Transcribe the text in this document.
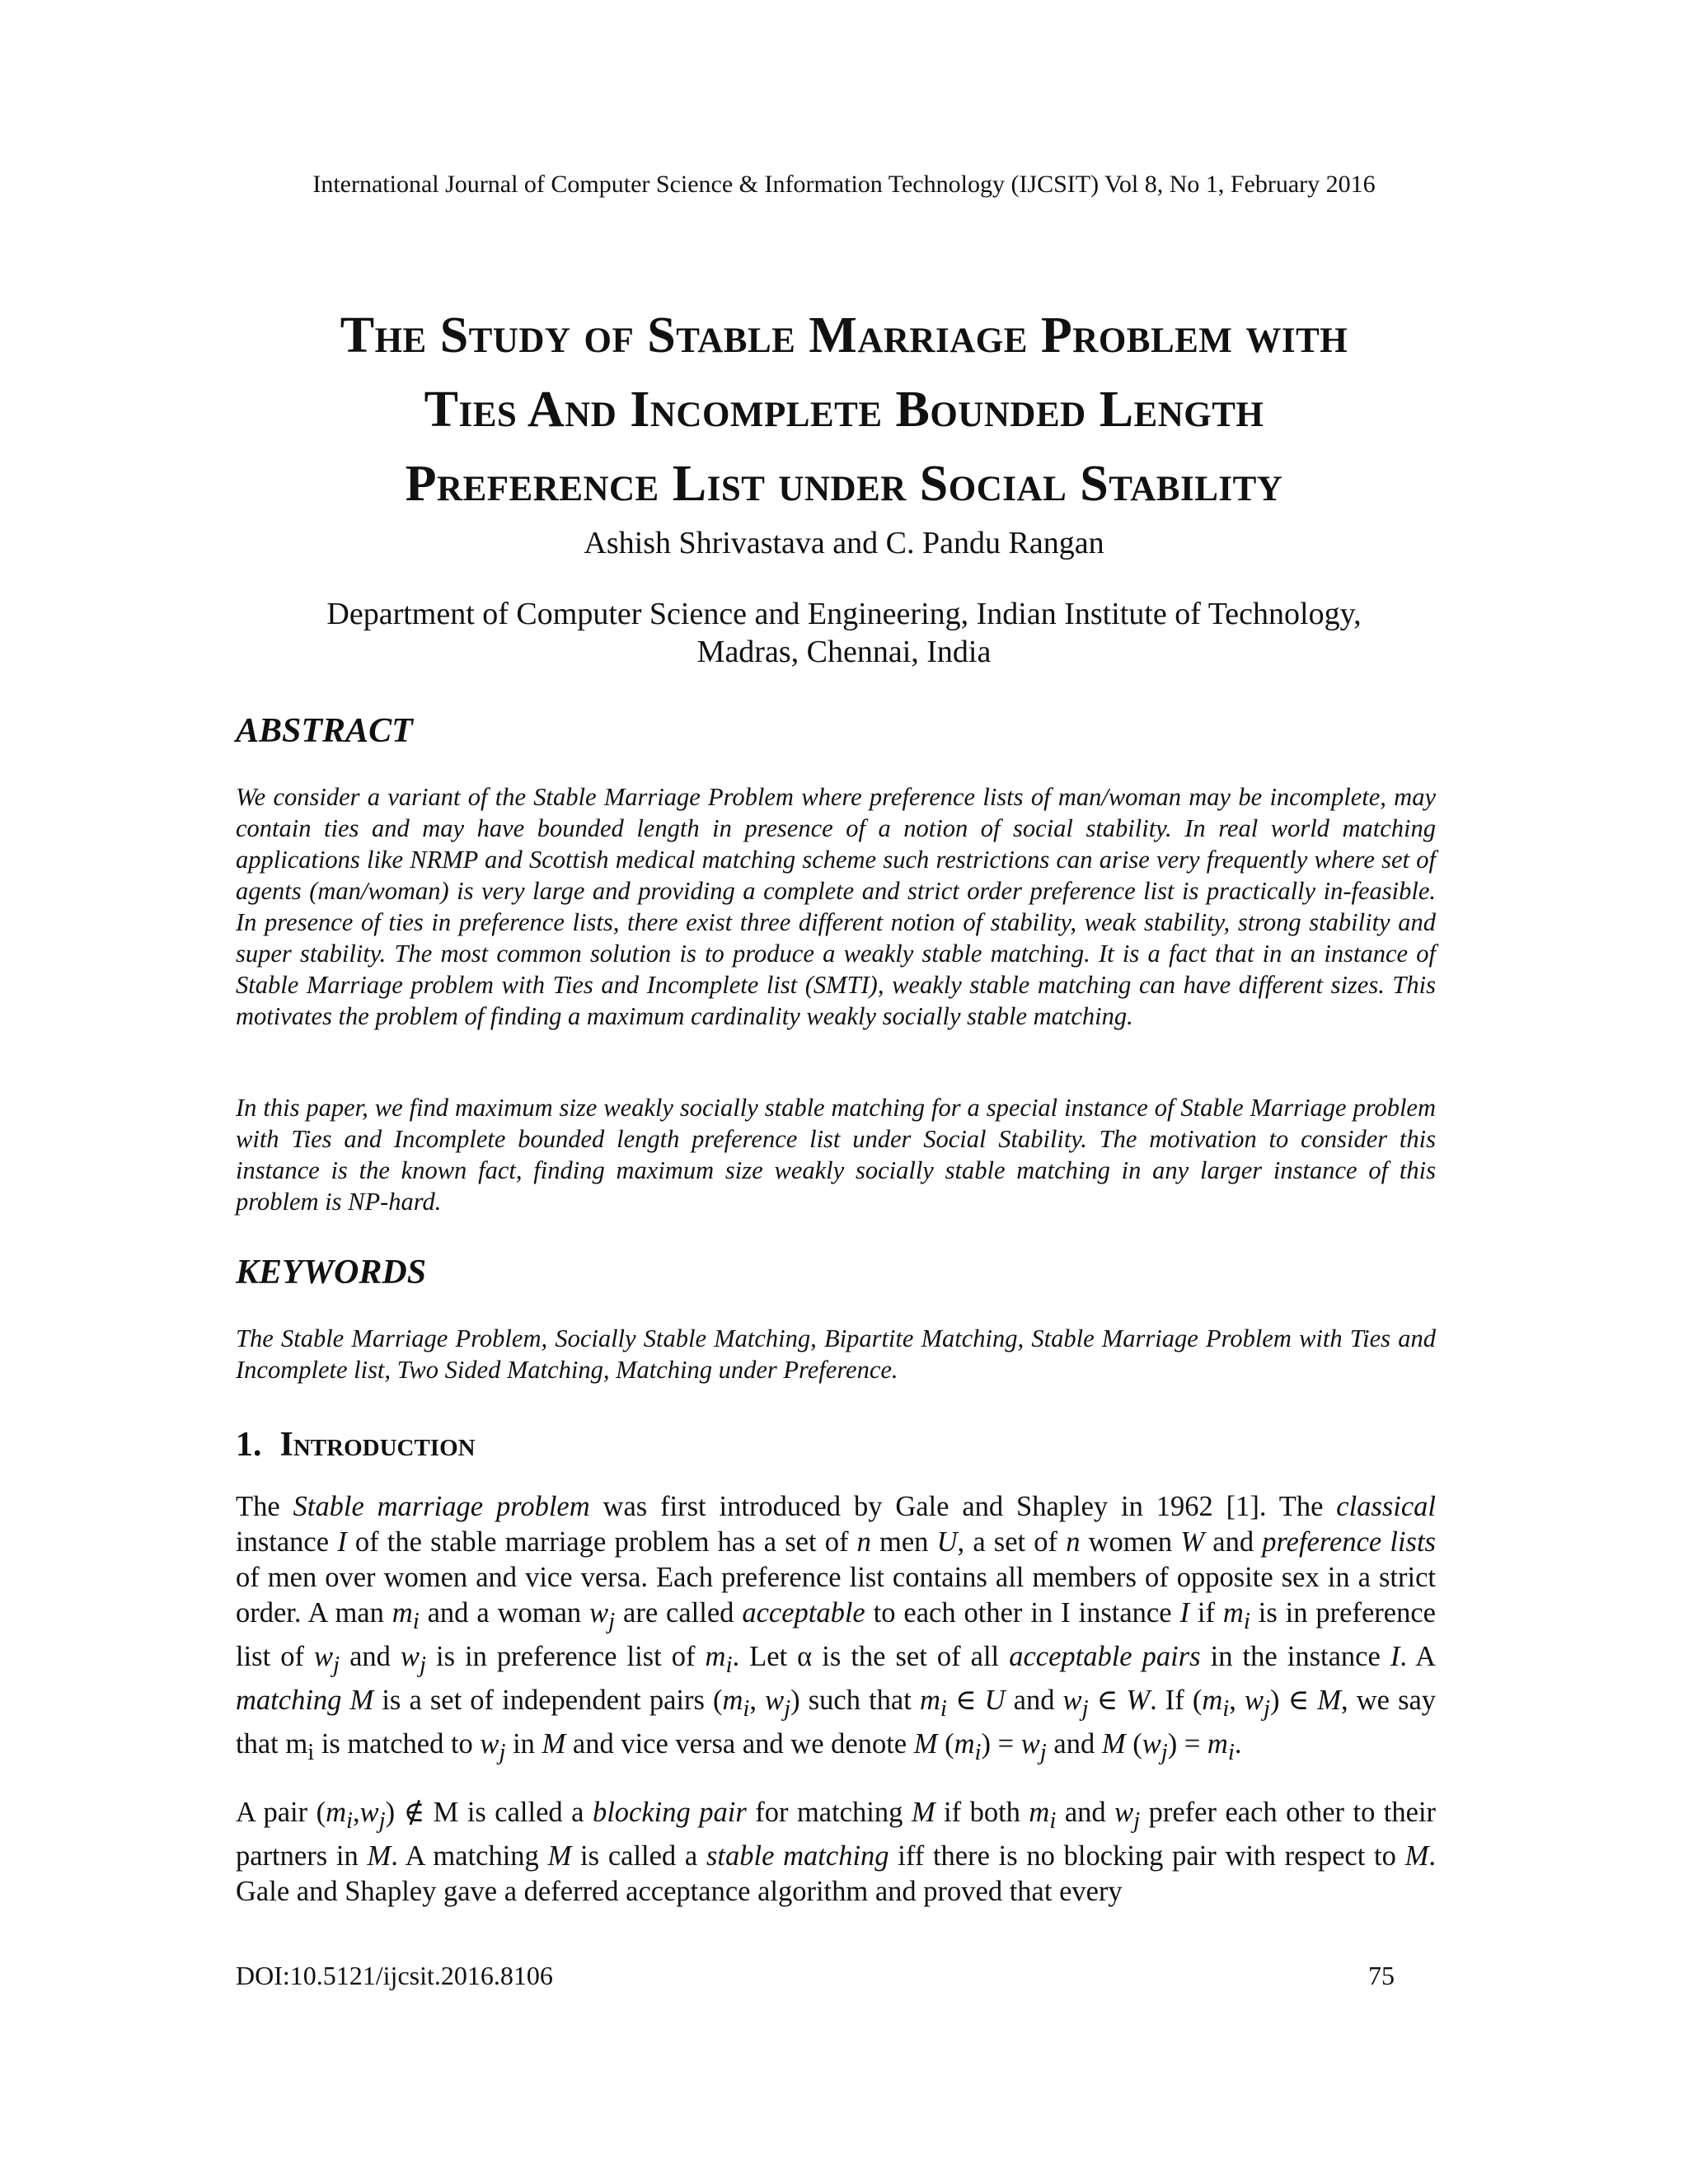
International Journal of Computer Science & Information Technology (IJCSIT) Vol 8, No 1, February 2016
The Study of Stable Marriage Problem with
Ties And Incomplete Bounded Length
Preference List under Social Stability
Ashish Shrivastava and C. Pandu Rangan
Department of Computer Science and Engineering, Indian Institute of Technology,
Madras, Chennai, India
ABSTRACT
We consider a variant of the Stable Marriage Problem where preference lists of man/woman may be incomplete, may contain ties and may have bounded length in presence of a notion of social stability. In real world matching applications like NRMP and Scottish medical matching scheme such restrictions can arise very frequently where set of agents (man/woman) is very large and providing a complete and strict order preference list is practically in-feasible. In presence of ties in preference lists, there exist three different notion of stability, weak stability, strong stability and super stability. The most common solution is to produce a weakly stable matching. It is a fact that in an instance of Stable Marriage problem with Ties and Incomplete list (SMTI), weakly stable matching can have different sizes. This motivates the problem of finding a maximum cardinality weakly socially stable matching.
In this paper, we find maximum size weakly socially stable matching for a special instance of Stable Marriage problem with Ties and Incomplete bounded length preference list under Social Stability. The motivation to consider this instance is the known fact, finding maximum size weakly socially stable matching in any larger instance of this problem is NP-hard.
KEYWORDS
The Stable Marriage Problem, Socially Stable Matching, Bipartite Matching, Stable Marriage Problem with Ties and Incomplete list, Two Sided Matching, Matching under Preference.
1. Introduction
The Stable marriage problem was first introduced by Gale and Shapley in 1962 [1]. The classical instance I of the stable marriage problem has a set of n men U, a set of n women W and preference lists of men over women and vice versa. Each preference list contains all members of opposite sex in a strict order. A man $m_i$ and a woman $w_j$ are called acceptable to each other in I instance I if $m_i$ is in preference list of $w_j$ and $w_j$ is in preference list of $m_i$. Let α is the set of all acceptable pairs in the instance I. A matching M is a set of independent pairs ($m_i$, $w_j$) such that $m_i$ ∈ U and $w_j$ ∈ W. If ($m_i$, $w_j$) ∈ M, we say that $m_i$ is matched to $w_j$ in M and vice versa and we denote M $(m_i) = w_j$ and M $(w_j) = m_i$.
A pair $(m_i,w_j)$ ∉ M is called a blocking pair for matching M if both $m_i$ and $w_j$ prefer each other to their partners in M. A matching M is called a stable matching iff there is no blocking pair with respect to M. Gale and Shapley gave a deferred acceptance algorithm and proved that every
DOI:10.5121/ijcsit.2016.8106	75
